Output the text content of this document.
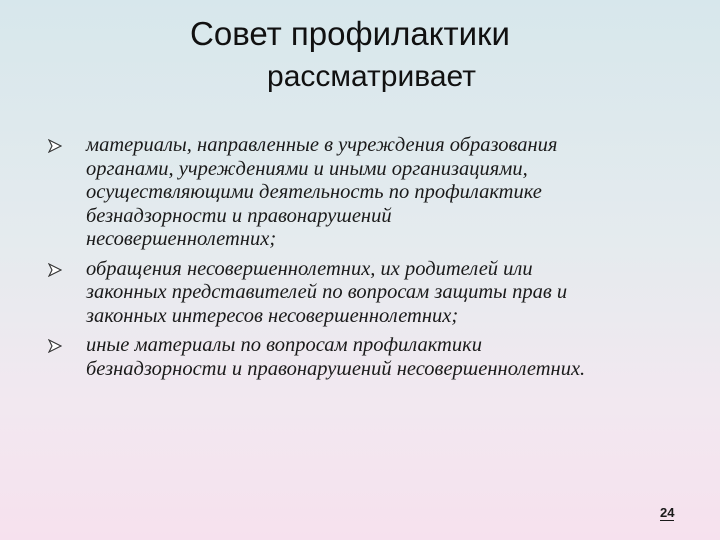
Совет профилактики
рассматривает
материалы, направленные в учреждения образования
органами, учреждениями и иными организациями,
осуществляющими деятельность по профилактике
безнадзорности и правонарушений
несовершеннолетних;
обращения несовершеннолетних, их родителей или
законных представителей по вопросам защиты прав и
законных интересов несовершеннолетних;
иные материалы по вопросам профилактики
безнадзорности и правонарушений несовершеннолетних.
24
